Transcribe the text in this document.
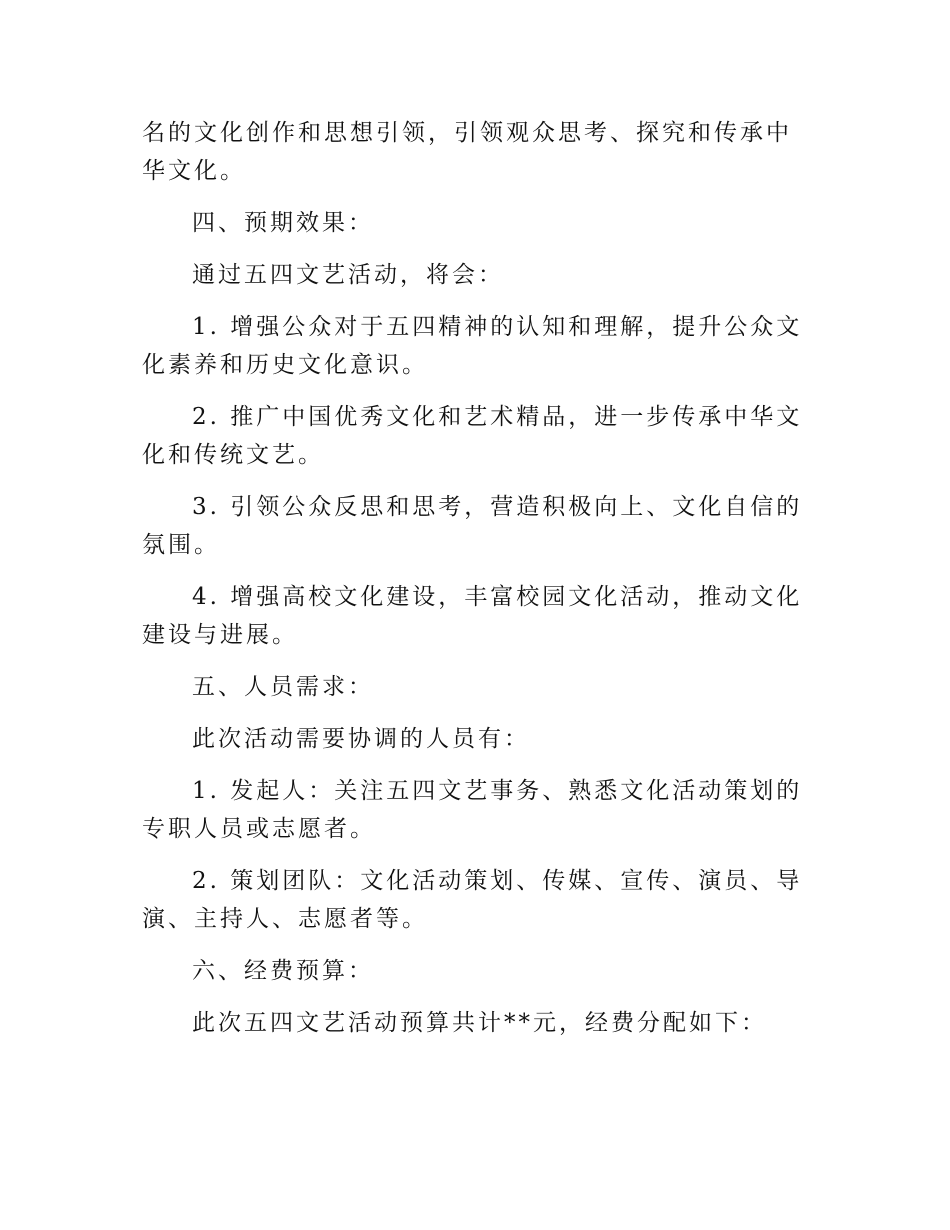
名的文化创作和思想引领，引领观众思考、探究和传承中华文化。

四、预期效果：

通过五四文艺活动，将会：

1. 增强公众对于五四精神的认知和理解，提升公众文化素养和历史文化意识。

2. 推广中国优秀文化和艺术精品，进一步传承中华文化和传统文艺。

3. 引领公众反思和思考，营造积极向上、文化自信的氛围。

4. 增强高校文化建设，丰富校园文化活动，推动文化建设与进展。

五、人员需求：

此次活动需要协调的人员有：

1. 发起人：关注五四文艺事务、熟悉文化活动策划的专职人员或志愿者。

2. 策划团队：文化活动策划、传媒、宣传、演员、导演、主持人、志愿者等。

六、经费预算：

此次五四文艺活动预算共计**元，经费分配如下：
